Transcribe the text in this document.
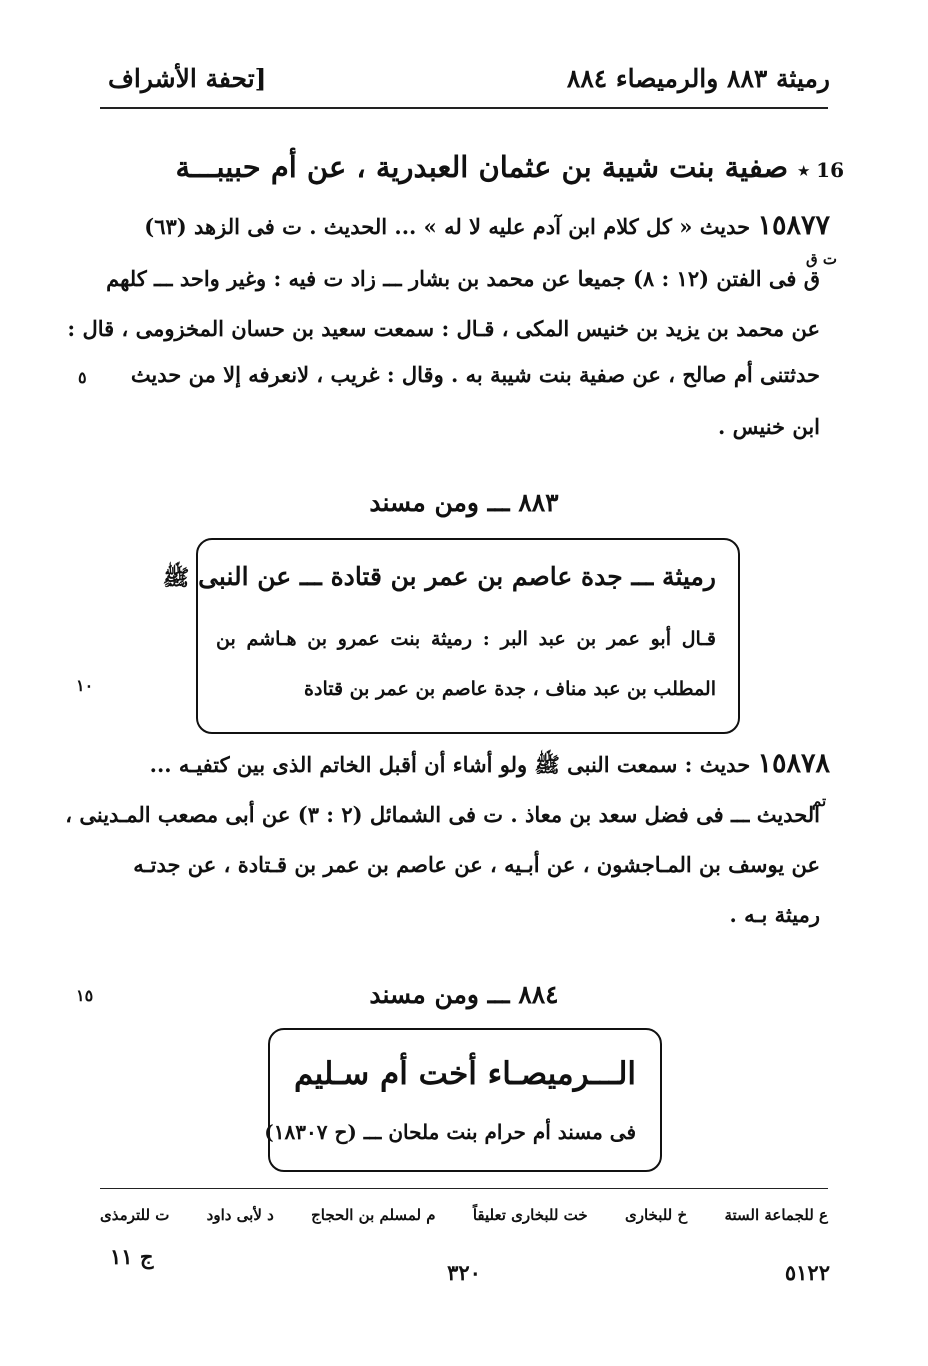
رميثة ٨٨٣ والرميصاء ٨٨٤
[تحفة الأشراف
16 ٭ صفية بنت شيبة بن عثمان العبدرية ، عن أم حبيبـــة
١٥٨٧٧ حديث « كل كلام ابن آدم عليه لا له » ... الحديث . ت فى الزهد (٦٣)
ت ق
ق فى الفتن (١٢ : ٨) جميعا عن محمد بن بشار ـــ زاد ت فيه : وغير واحد ـــ كلهم
عن محمد بن يزيد بن خنيس المكى ، قـال : سمعت سعيد بن حسان المخزومى ، قال :
حدثتنى أم صالح ، عن صفية بنت شيبة به . وقال : غريب ، لانعرفه إلا من حديث
٥
ابن خنيس .
٨٨٣ ـــ ومن مسند
رميثة ـــ جدة عاصم بن عمر بن قتادة ـــ عن النبى ﷺ
قـال أبو عمر بن عبد البر : رميثة بنت عمرو بن هـاشم بن
المطلب بن عبد مناف ، جدة عاصم بن عمر بن قتادة
١٠
١٥٨٧٨ حديث : سمعت النبى ﷺ ولو أشاء أن أقبل الخاتم الذى بين كتفيـه ...
تم
الحديث ـــ فى فضل سعد بن معاذ . ت فى الشمائل (٢ : ٣) عن أبى مصعب المـدينى ،
عن يوسف بن المـاجشون ، عن أبـيه ، عن عاصم بن عمر بن قـتادة ، عن جدتـه
رميثة بـه .
٨٨٤ ـــ ومن مسند
١٥
الـــرميصـاء أخت أم سـليم
فى مسند أم حرام بنت ملحان ـــ (ح ١٨٣٠٧)
ع للجماعة الستة
خ للبخارى
خت للبخارى تعليقاً
م لمسلم بن الحجاج
د لأبى داود
ت للترمذى
ج ١١
٣٢٠	٥١٢٢
